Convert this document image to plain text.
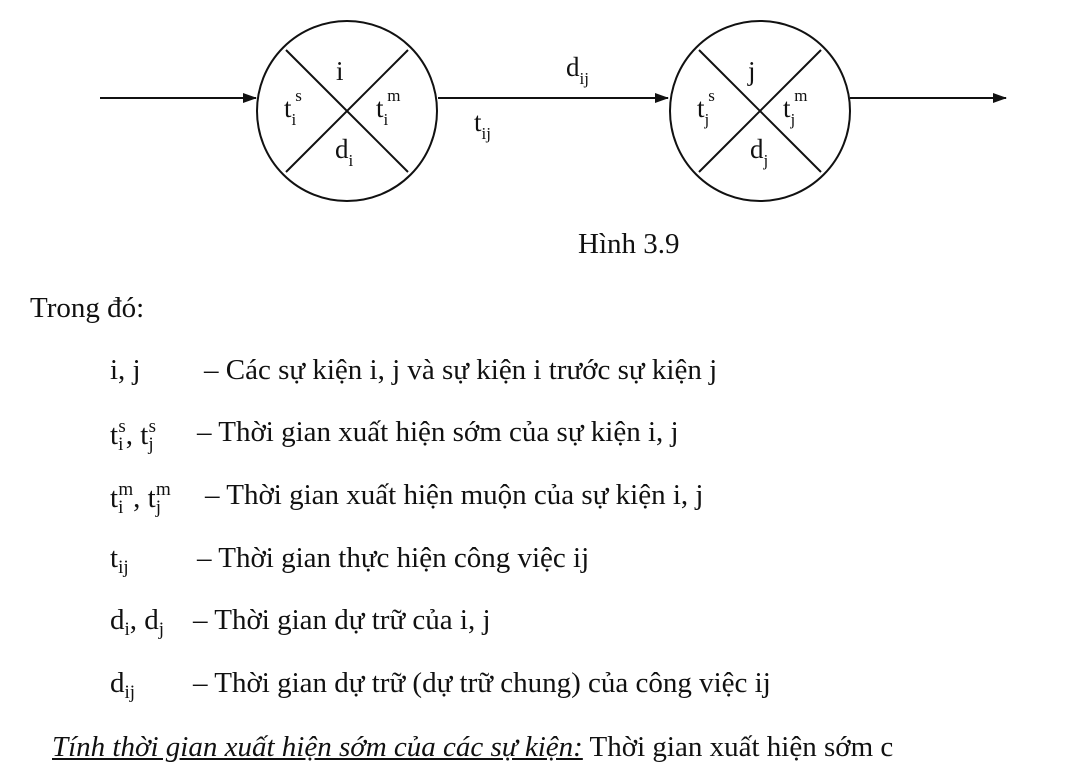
i
$t_is$	$t_im$
$d_i$
j
$t_js$	$t_jm$
$d_j$
$d_{ij}$
$t_{ij}$
Hình 3.9
Trong đó:
i, j – Các sự kiện i, j và sự kiện i trước sự kiện j
$t_i^s$, $t_j^s$ – Thời gian xuất hiện sớm của sự kiện i, j
$t_i^m$, $t_j^m$ – Thời gian xuất hiện muộn của sự kiện i, j
$t_{ij}$ – Thời gian thực hiện công việc ij
$d_i$, $d_j$ – Thời gian dự trữ của i, j
$d_{ij}$ – Thời gian dự trữ (dự trữ chung) của công việc ij
Tính thời gian xuất hiện sớm của các sự kiện: Thời gian xuất hiện sớm c
